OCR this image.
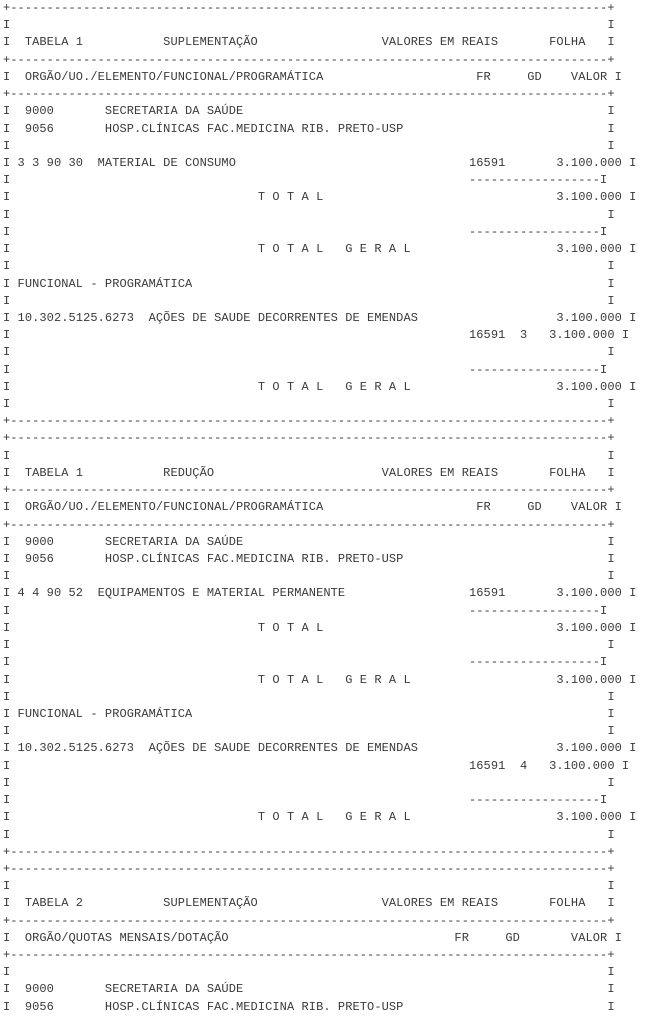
+----------------------------------------------------------------------------------+
I                                                                                  I
I  TABELA 1           SUPLEMENTAÇÃO                 VALORES EM REAIS       FOLHA   I
+----------------------------------------------------------------------------------+
I  ORGÃO/UO./ELEMENTO/FUNCIONAL/PROGRAMÁTICA                     FR     GD    VALOR I
+----------------------------------------------------------------------------------+
I  9000       SECRETARIA DA SAÚDE                                                  I
I  9056       HOSP.CLÍNICAS FAC.MEDICINA RIB. PRETO-USP                            I
I                                                                                  I
I 3 3 90 30  MATERIAL DE CONSUMO                                16591       3.100.000 I
I                                                               ------------------I
I                                  T O T A L                                3.100.000 I
I                                                                                  I
I                                                               ------------------I
I                                  T O T A L   G E R A L                    3.100.000 I
I                                                                                  I
I FUNCIONAL - PROGRAMÁTICA                                                         I
I                                                                                  I
I 10.302.5125.6273  AÇÕES DE SAUDE DECORRENTES DE EMENDAS                   3.100.000 I
I                                                               16591  3   3.100.000 I
I                                                                                  I
I                                                               ------------------I
I                                  T O T A L   G E R A L                    3.100.000 I
I                                                                                  I
+----------------------------------------------------------------------------------+
+----------------------------------------------------------------------------------+
I                                                                                  I
I  TABELA 1           REDUÇÃO                       VALORES EM REAIS       FOLHA   I
+----------------------------------------------------------------------------------+
I  ORGÃO/UO./ELEMENTO/FUNCIONAL/PROGRAMÁTICA                     FR     GD    VALOR I
+----------------------------------------------------------------------------------+
I  9000       SECRETARIA DA SAÚDE                                                  I
I  9056       HOSP.CLÍNICAS FAC.MEDICINA RIB. PRETO-USP                            I
I                                                                                  I
I 4 4 90 52  EQUIPAMENTOS E MATERIAL PERMANENTE                 16591       3.100.000 I
I                                                               ------------------I
I                                  T O T A L                                3.100.000 I
I                                                                                  I
I                                                               ------------------I
I                                  T O T A L   G E R A L                    3.100.000 I
I                                                                                  I
I FUNCIONAL - PROGRAMÁTICA                                                         I
I                                                                                  I
I 10.302.5125.6273  AÇÕES DE SAUDE DECORRENTES DE EMENDAS                   3.100.000 I
I                                                               16591  4   3.100.000 I
I                                                                                  I
I                                                               ------------------I
I                                  T O T A L   G E R A L                    3.100.000 I
I                                                                                  I
+----------------------------------------------------------------------------------+
+----------------------------------------------------------------------------------+
I                                                                                  I
I  TABELA 2           SUPLEMENTAÇÃO                 VALORES EM REAIS       FOLHA   I
+----------------------------------------------------------------------------------+
I  ORGÃO/QUOTAS MENSAIS/DOTAÇÃO                               FR     GD       VALOR I
+----------------------------------------------------------------------------------+
I                                                                                  I
I  9000       SECRETARIA DA SAÚDE                                                  I
I  9056       HOSP.CLÍNICAS FAC.MEDICINA RIB. PRETO-USP                            I
